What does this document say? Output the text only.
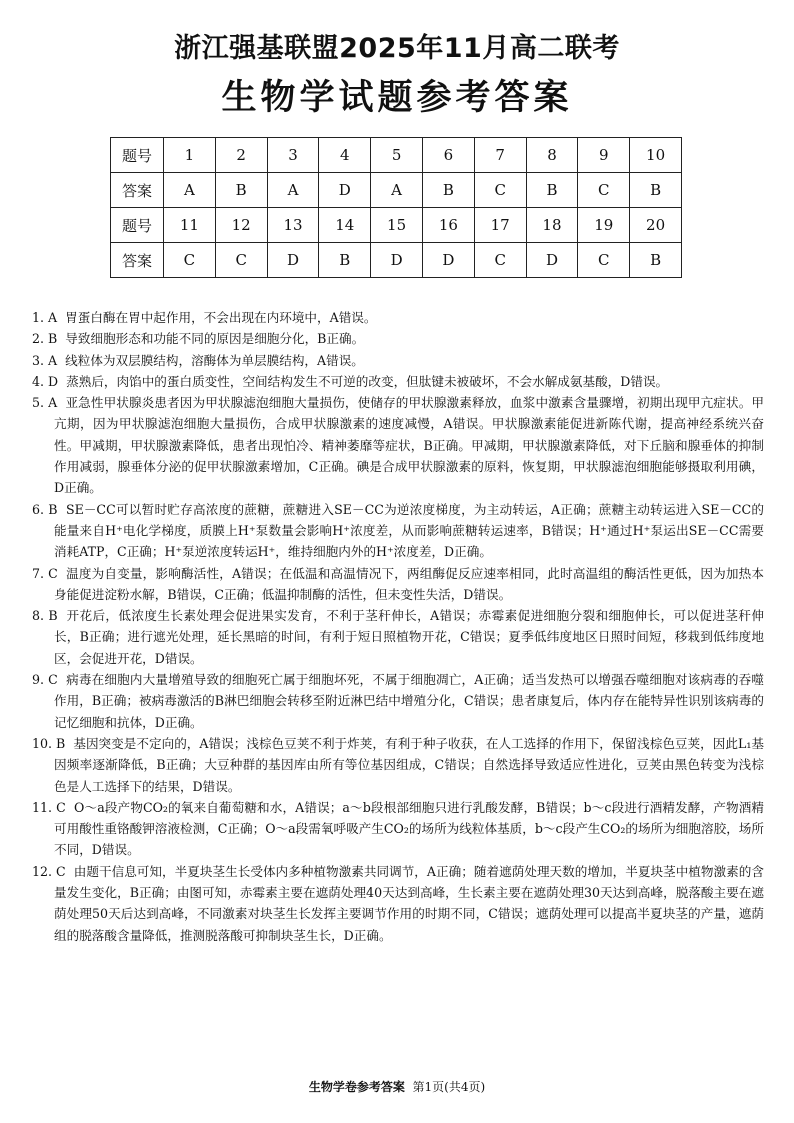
浙江强基联盟2025年11月高二联考
生物学试题参考答案
题号	1	2	3	4	5	6	7	8	9	10
答案	A	B	A	D	A	B	C	B	C	B
题号	11	12	13	14	15	16	17	18	19	20
答案	C	C	D	B	D	D	C	D	C	B

1. A 胃蛋白酶在胃中起作用，不会出现在内环境中，A错误。

2. B 导致细胞形态和功能不同的原因是细胞分化，B正确。

3. A 线粒体为双层膜结构，溶酶体为单层膜结构，A错误。

4. D 蒸熟后，肉馅中的蛋白质变性，空间结构发生不可逆的改变，但肽键未被破坏，不会水解成氨基酸，D错误。

5. A 亚急性甲状腺炎患者因为甲状腺滤泡细胞大量损伤，使储存的甲状腺激素释放，血浆中激素含量骤增，初期出现甲亢症状。甲亢期，因为甲状腺滤泡细胞大量损伤，合成甲状腺激素的速度减慢，A错误。甲状腺激素能促进新陈代谢，提高神经系统兴奋性。甲减期，甲状腺激素降低，患者出现怕冷、精神萎靡等症状，B正确。甲减期，甲状腺激素降低，对下丘脑和腺垂体的抑制作用减弱，腺垂体分泌的促甲状腺激素增加，C正确。碘是合成甲状腺激素的原料，恢复期，甲状腺滤泡细胞能够摄取利用碘，D正确。

6. B SE－CC可以暂时贮存高浓度的蔗糖，蔗糖进入SE－CC为逆浓度梯度，为主动转运，A正确；蔗糖主动转运进入SE－CC的能量来自H⁺电化学梯度，质膜上H⁺泵数量会影响H⁺浓度差，从而影响蔗糖转运速率，B错误；H⁺通过H⁺泵运出SE－CC需要消耗ATP，C正确；H⁺泵逆浓度转运H⁺，维持细胞内外的H⁺浓度差，D正确。

7. C 温度为自变量，影响酶活性，A错误；在低温和高温情况下，两组酶促反应速率相同，此时高温组的酶活性更低，因为加热本身能促进淀粉水解，B错误，C正确；低温抑制酶的活性，但未变性失活，D错误。

8. B 开花后，低浓度生长素处理会促进果实发育，不利于茎秆伸长，A错误；赤霉素促进细胞分裂和细胞伸长，可以促进茎秆伸长，B正确；进行遮光处理，延长黑暗的时间，有利于短日照植物开花，C错误；夏季低纬度地区日照时间短，移栽到低纬度地区，会促进开花，D错误。

9. C 病毒在细胞内大量增殖导致的细胞死亡属于细胞坏死，不属于细胞凋亡，A正确；适当发热可以增强吞噬细胞对该病毒的吞噬作用，B正确；被病毒激活的B淋巴细胞会转移至附近淋巴结中增殖分化，C错误；患者康复后，体内存在能特异性识别该病毒的记忆细胞和抗体，D正确。

10. B 基因突变是不定向的，A错误；浅棕色豆荚不利于炸荚，有利于种子收获，在人工选择的作用下，保留浅棕色豆荚，因此L₁基因频率逐渐降低，B正确；大豆种群的基因库由所有等位基因组成，C错误；自然选择导致适应性进化，豆荚由黑色转变为浅棕色是人工选择下的结果，D错误。

11. C O～a段产物CO₂的氧来自葡萄糖和水，A错误；a～b段根部细胞只进行乳酸发酵，B错误；b～c段进行酒精发酵，产物酒精可用酸性重铬酸钾溶液检测，C正确；O～a段需氧呼吸产生CO₂的场所为线粒体基质，b～c段产生CO₂的场所为细胞溶胶，场所不同，D错误。

12. C 由题干信息可知，半夏块茎生长受体内多种植物激素共同调节，A正确；随着遮荫处理天数的增加，半夏块茎中植物激素的含量发生变化，B正确；由图可知，赤霉素主要在遮荫处理40天达到高峰，生长素主要在遮荫处理30天达到高峰，脱落酸主要在遮荫处理50天后达到高峰，不同激素对块茎生长发挥主要调节作用的时期不同，C错误；遮荫处理可以提高半夏块茎的产量，遮荫组的脱落酸含量降低，推测脱落酸可抑制块茎生长，D正确。

生物学卷参考答案 第1页(共4页)
